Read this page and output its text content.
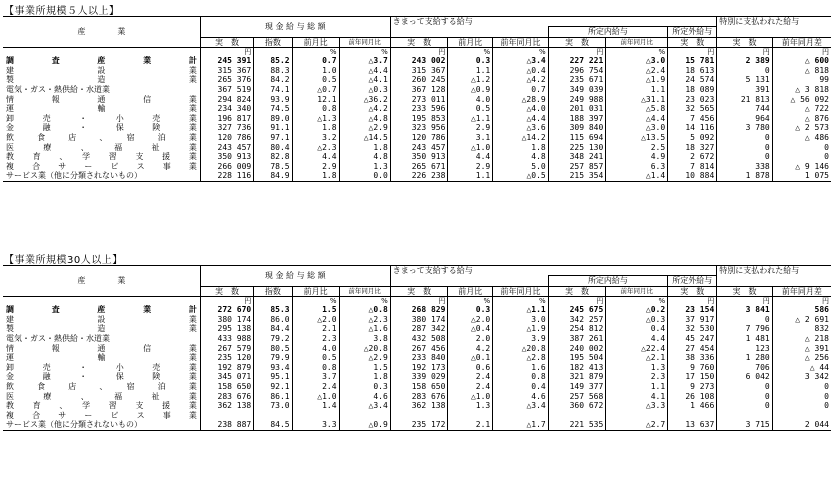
【事業所規模５人以上】
産　　　　業	現 金 給 与 総 額				きまって支給する給与						特別に支払われた給与	
								所定内給与		所定外給与		
	実　数	指数	前月比	前年同月比	実　数	前月比	前年同月比	実　数	前年同月比	実　数	実　数	前年同月差
	円		%	%	円	%	%	円	%	円	円	円
調　査　産　業　計	245 391	85.2	0.7	△3.7	243 002	0.3	△3.4	227 221	△3.0	15 781	2 389	△ 600
建　　　設　　　業	315 367	88.3	1.0	△4.4	315 367	1.1	△0.4	296 754	△2.4	18 613	0	△ 818
製　　　造　　　業	265 376	84.2	0.5	△4.1	260 245	△1.2	△4.2	235 671	△1.9	24 574	5 131	99
電気・ガス・熱供給・水道業	367 519	74.1	△0.7	△0.3	367 128	△0.9	0.7	349 039	1.1	18 089	391	△ 3 818
情　報　通　信　業	294 824	93.9	12.1	△36.2	273 011	4.0	△28.9	249 988	△31.1	23 023	21 813	△ 56 092
運　　　輸　　　業	234 340	74.5	0.8	△4.2	233 596	0.5	△4.0	201 031	△5.8	32 565	744	△ 722
卸　売　・　小　売　業	196 817	89.0	△1.3	△4.8	195 853	△1.1	△4.4	188 397	△4.4	7 456	964	△ 876
金　融　・　保　険　業	327 736	91.1	1.8	△2.9	323 956	2.9	△3.6	309 840	△3.0	14 116	3 780	△ 2 573
飲　食　店　、　宿　泊　業	120 786	97.1	3.2	△14.5	120 786	3.1	△14.2	115 694	△13.5	5 092	0	△ 486
医　療　、　福　祉　業	243 457	80.4	△2.3	1.8	243 457	△1.0	1.8	225 130	2.5	18 327	0	0
教　育　、　学　習　支　援　業	350 913	82.8	4.4	4.8	350 913	4.4	4.8	348 241	4.9	2 672	0	0
複　合　サ　ー　ビ　ス　事　業	266 009	78.5	2.9	1.3	265 671	2.9	5.0	257 857	6.3	7 814	338	△ 9 146
サービス業（他に分類されないもの）	228 116	84.9	1.8	0.0	226 238	1.1	△0.5	215 354	△1.4	10 884	1 878	1 075
【事業所規模30人以上】
産　　　　業	現 金 給 与 総 額				きまって支給する給与						特別に支払われた給与	
								所定内給与		所定外給与		
	実　数	指数	前月比	前年同月比	実　数	前月比	前年同月比	実　数	前年同月比	実　数	実　数	前年同月差
	円		%	%	円	%	%	円	%	円	円	円
調　査　産　業　計	272 670	85.3	1.5	△0.8	268 829	0.3	△1.1	245 675	△0.2	23 154	3 841	586
建　　　設　　　業	380 174	86.0	△2.0	△2.3	380 174	△2.0	3.0	342 257	△0.3	37 917	0	△ 2 691
製　　　造　　　業	295 138	84.4	2.1	△1.6	287 342	△0.4	△1.9	254 812	0.4	32 530	7 796	832
電気・ガス・熱供給・水道業	433 988	79.2	2.3	3.8	432 508	2.0	3.9	387 261	4.4	45 247	1 481	△ 218
情　報　通　信　業	267 579	80.5	4.0	△20.8	267 456	4.2	△20.8	240 002	△22.4	27 454	123	△ 391
運　　　輸　　　業	235 120	79.9	0.5	△2.9	233 840	△0.1	△2.8	195 504	△2.1	38 336	1 280	△ 256
卸　売　・　小　売　業	192 879	93.4	0.8	1.5	192 173	0.6	1.6	182 413	1.3	9 760	706	△ 44
金　融　・　保　険　業	345 071	95.1	3.7	1.8	339 029	2.4	0.8	321 879	2.3	17 150	6 042	3 342
飲　食　店　、　宿　泊　業	158 650	92.1	2.4	0.3	158 650	2.4	0.4	149 377	1.1	9 273	0	0
医　療　、　福　祉　業	283 676	86.1	△1.0	4.6	283 676	△1.0	4.6	257 568	4.1	26 108	0	0
教　育　、　学　習　支　援　業	362 138	73.0	1.4	△3.4	362 138	1.3	△3.4	360 672	△3.3	1 466	0	0
複　合　サ　ー　ビ　ス　事　業												
サービス業（他に分類されないもの）	238 887	84.5	3.3	△0.9	235 172	2.1	△1.7	221 535	△2.7	13 637	3 715	2 044
